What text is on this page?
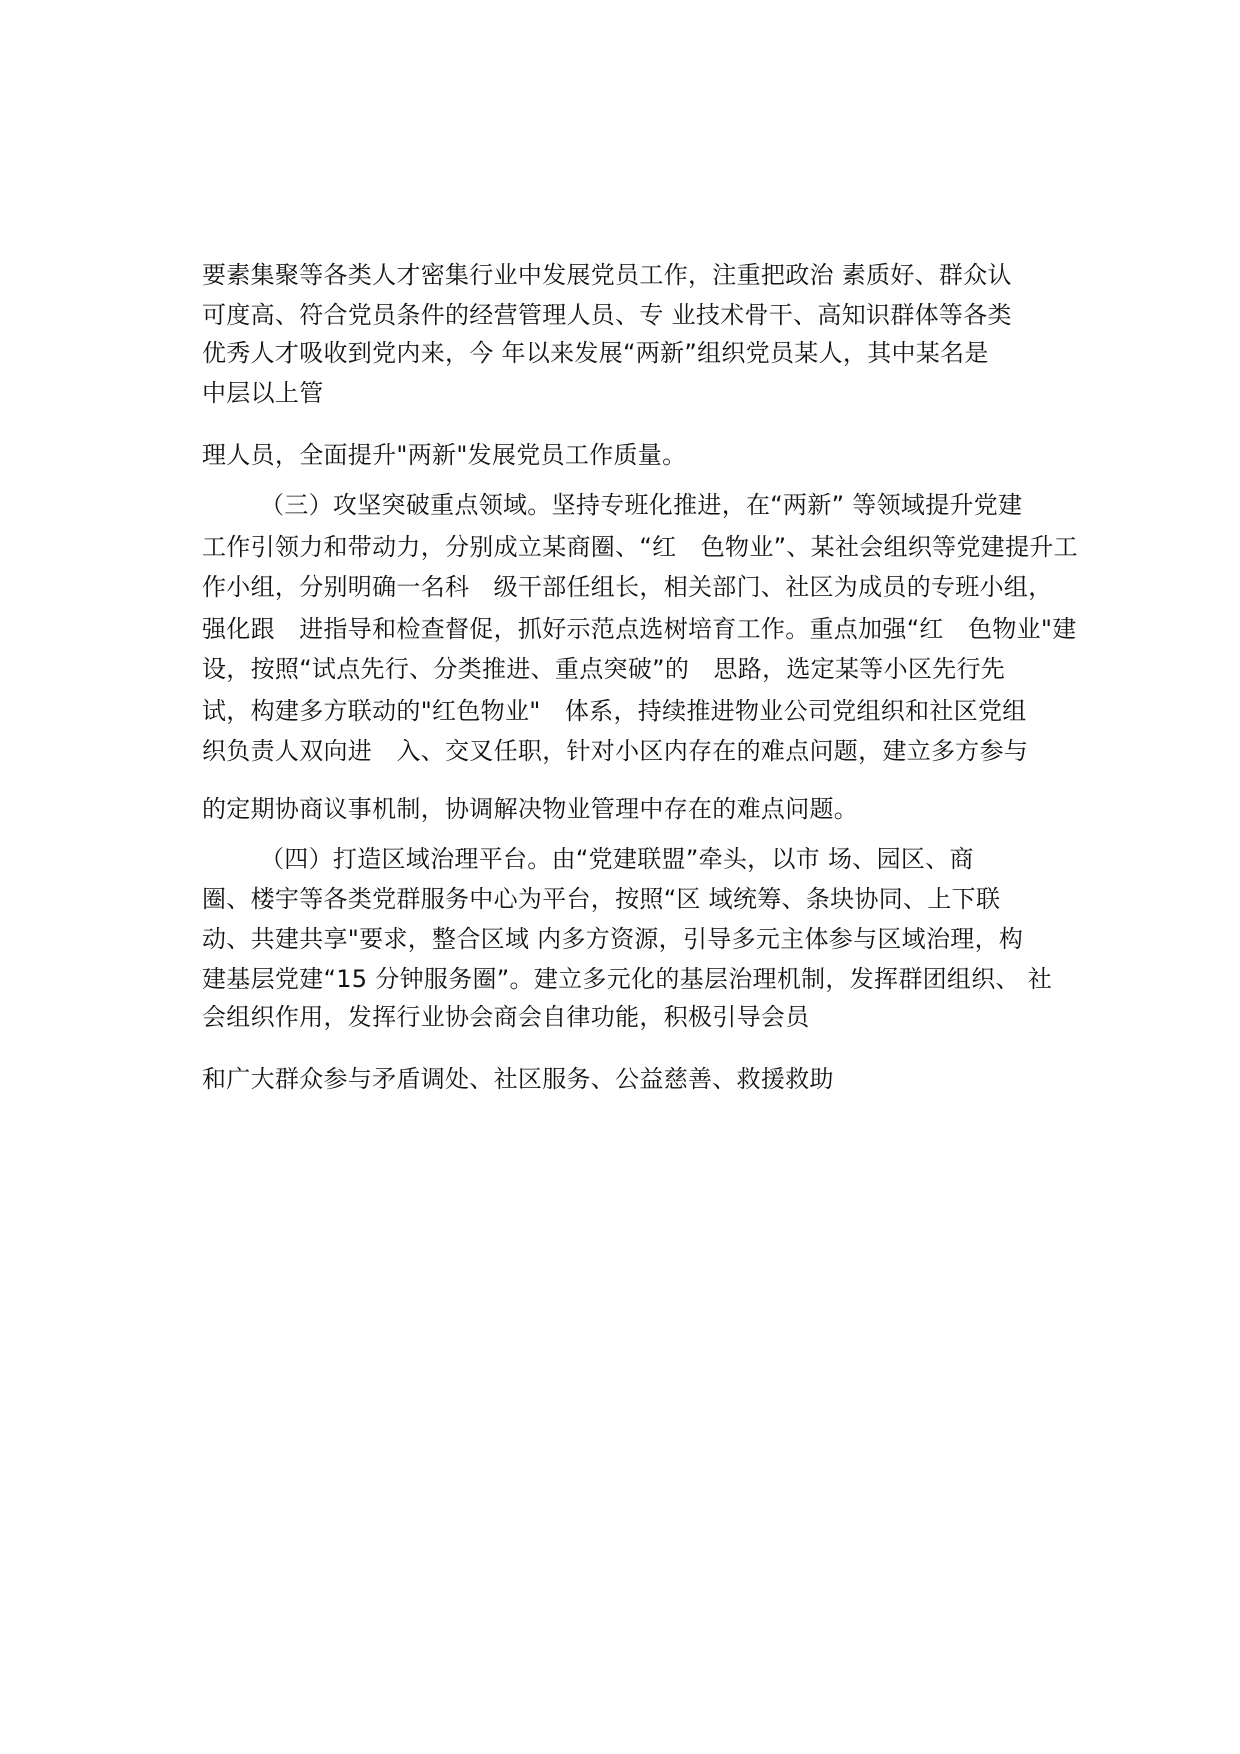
要素集聚等各类人才密集行业中发展党员工作，注重把政治 素质好、群众认
可度高、符合党员条件的经营管理人员、专 业技术骨干、高知识群体等各类
优秀人才吸收到党内来，今 年以来发展“两新”组织党员某人，其中某名是
中层以上管
理人员，全面提升"两新"发展党员工作质量。
（三）攻坚突破重点领域。坚持专班化推进，在“两新” 等领域提升党建
工作引领力和带动力，分别成立某商圈、“红　色物业”、某社会组织等党建提升工
作小组，分别明确一名科　级干部任组长，相关部门、社区为成员的专班小组，
强化跟　进指导和检查督促，抓好示范点选树培育工作。重点加强“红　色物业"建
设，按照“试点先行、分类推进、重点突破”的　思路，选定某等小区先行先
试，构建多方联动的"红色物业"　体系，持续推进物业公司党组织和社区党组
织负责人双向进　入、交叉任职，针对小区内存在的难点问题，建立多方参与
的定期协商议事机制，协调解决物业管理中存在的难点问题。
（四）打造区域治理平台。由“党建联盟”牵头，以市 场、园区、商
圈、楼宇等各类党群服务中心为平台，按照“区 域统筹、条块协同、上下联
动、共建共享"要求，整合区域 内多方资源，引导多元主体参与区域治理，构
建基层党建“15 分钟服务圈”。建立多元化的基层治理机制，发挥群团组织、 社
会组织作用，发挥行业协会商会自律功能，积极引导会员
和广大群众参与矛盾调处、社区服务、公益慈善、救援救助
